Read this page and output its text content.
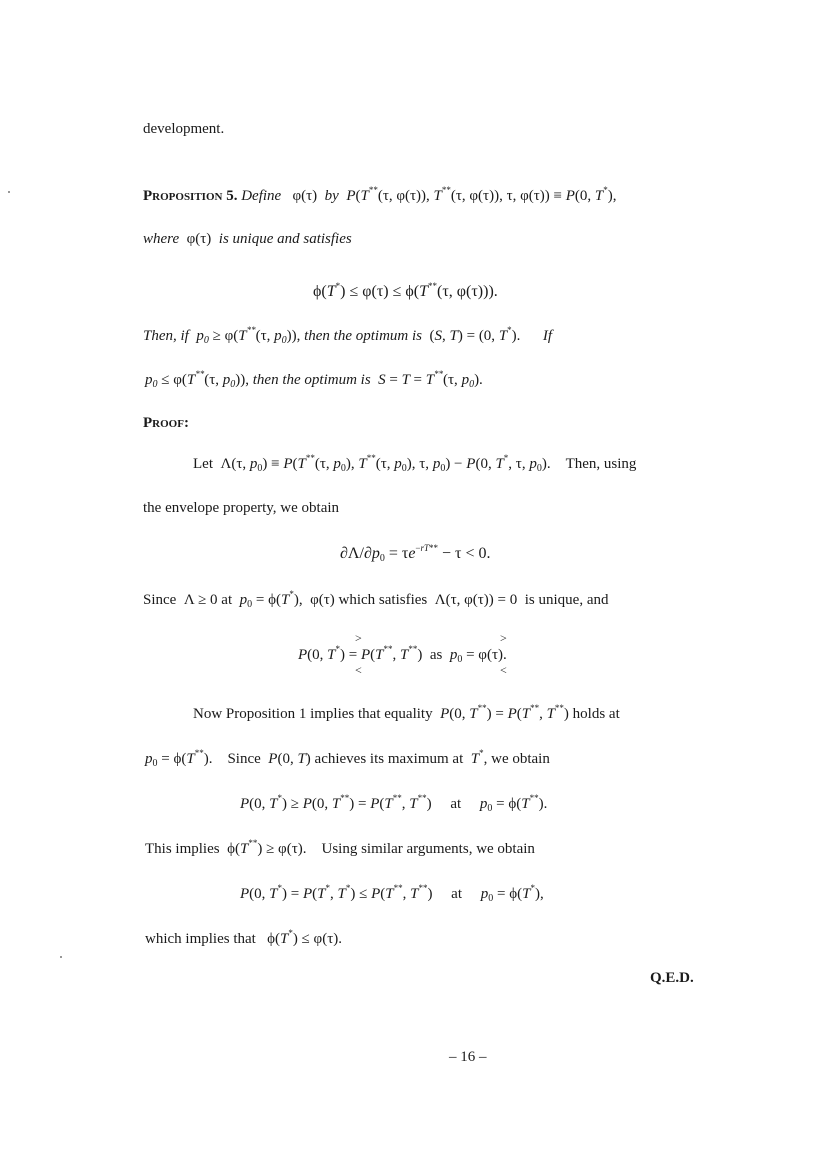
development.
Proposition 5. Define φ(τ) by P(T**(τ, φ(τ)), T**(τ, φ(τ)), τ, φ(τ)) ≡ P(0, T*),
where  φ(τ)  is unique and satisfies
ϕ(T*) ≤ φ(τ) ≤ ϕ(T**(τ, φ(τ))).
Then, if  $p_0 \ge \varphi(T^{**}(\tau$, $p_0$)), then the optimum is  (S, T) = (0, T*).      If
$p_0 \le \varphi(T^{**}(\tau$, $p_0$)), then the optimum is  S = T = T**(τ, $p_0$).
Proof:
Let  Λ(τ, $p_0) \equiv P(T^{**}(\tau$, $p_0$), T**(τ, $p_0$), τ, $p_0) - P(0$, T*, τ, $p_0$).    Then, using
the envelope property, we obtain
$\partial\Lambda/\partial p_0 = \tau e^{-rT**} - \tau < 0$.
Since  Λ ≥ 0 at  $p_0 = \phi(T^*)$,  φ(τ) which satisfies  Λ(τ, φ(τ)) = 0  is unique, and
P(0, T*) = P(T**, T**)  as  $p_0 = \varphi(\tau)$.
>
<
>
<
Now Proposition 1 implies that equality  P(0, T**) = P(T**, T**) holds at
$p_0 = \phi(T^{**})$.    Since  P(0, T) achieves its maximum at  T*, we obtain
P(0, T*) ≥ P(0, T**) = P(T**, T**)     at     $p_0 = \phi(T^{**})$.
This implies  ϕ(T**) ≥ φ(τ).    Using similar arguments, we obtain
P(0, T*) = P(T*, T*) ≤ P(T**, T**)     at     $p_0 = \phi(T^*)$,
which implies that   ϕ(T*) ≤ φ(τ).
Q.E.D.
– 16 –
